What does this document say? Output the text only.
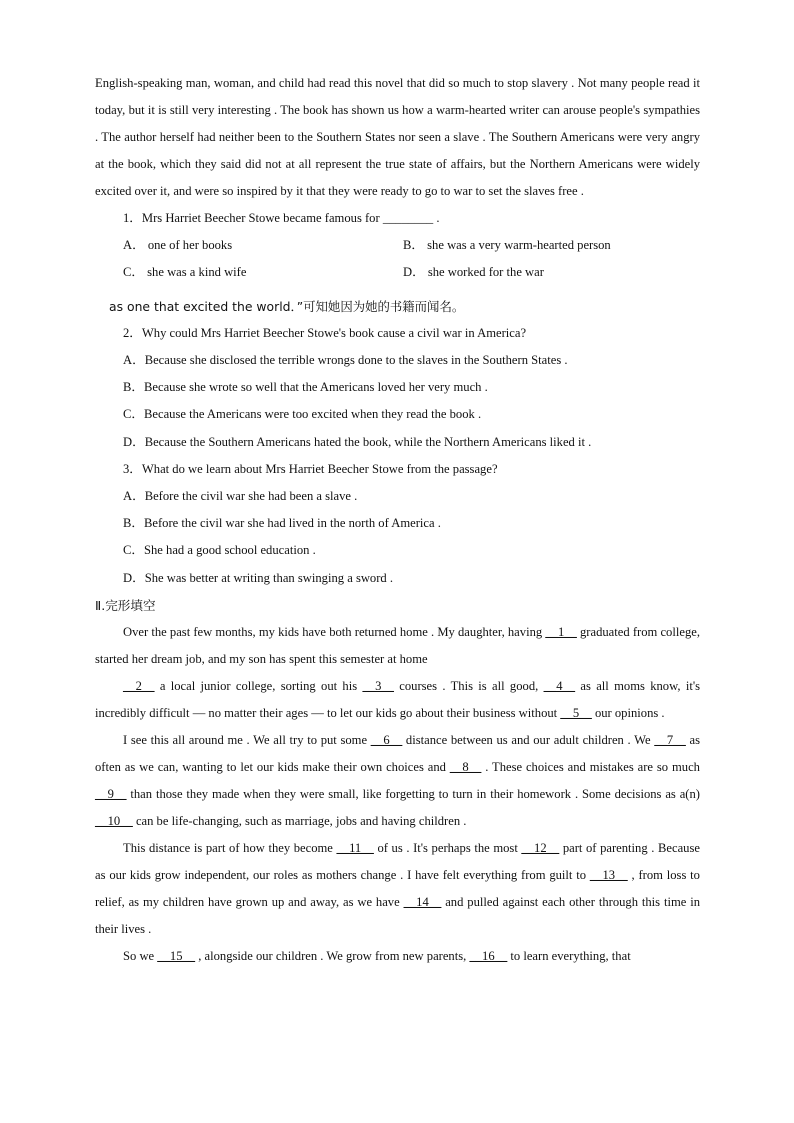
English-speaking man, woman, and child had read this novel that did so much to stop slavery . Not many people read it today, but it is still very interesting . The book has shown us how a warm-hearted writer can arouse people's sympathies . The author herself had neither been to the Southern States nor seen a slave . The Southern Americans were very angry at the book, which they said did not at all represent the true state of affairs, but the Northern Americans were widely excited over it, and were so inspired by it that they were ready to go to war to set the slaves free .

1．Mrs Harriet Beecher Stowe became famous for ________ .
A． one of her books	B． she was a very warm-hearted person
C． she was a kind wife	D． she worked for the war
as one that excited the world．”可知她因为她的书籍而闻名。
2．Why could Mrs Harriet Beecher Stowe's book cause a civil war in America?
A．Because she disclosed the terrible wrongs done to the slaves in the Southern States .
B．Because she wrote so well that the Americans loved her very much .
C．Because the Americans were too excited when they read the book .
D．Because the Southern Americans hated the book, while the Northern Americans liked it .
3．What do we learn about Mrs Harriet Beecher Stowe from the passage?
A．Before the civil war she had been a slave .
B．Before the civil war she had lived in the north of America .
C．She had a good school education .
D．She was better at writing than swinging a sword .
Ⅱ.完形填空

Over the past few months, my kids have both returned home . My daughter, having __1__ graduated from college, started her dream job, and my son has spent this semester at home
__2__ a local junior college, sorting out his __3__ courses . This is all good, __4__ as all moms know, it's incredibly difficult — no matter their ages — to let our kids go about their business without __5__ our opinions .

I see this all around me . We all try to put some __6__ distance between us and our adult children . We __7__ as often as we can, wanting to let our kids make their own choices and __8__ . These choices and mistakes are so much __9__ than those they made when they were small, like forgetting to turn in their homework . Some decisions as a(n) __10__ can be life-changing, such as marriage, jobs and having children .

This distance is part of how they become __11__ of us . It's perhaps the most __12__ part of parenting . Because as our kids grow independent, our roles as mothers change . I have felt everything from guilt to __13__ , from loss to relief, as my children have grown up and away, as we have __14__ and pulled against each other through this time in their lives .

So we __15__ , alongside our children . We grow from new parents, __16__ to learn everything, that
